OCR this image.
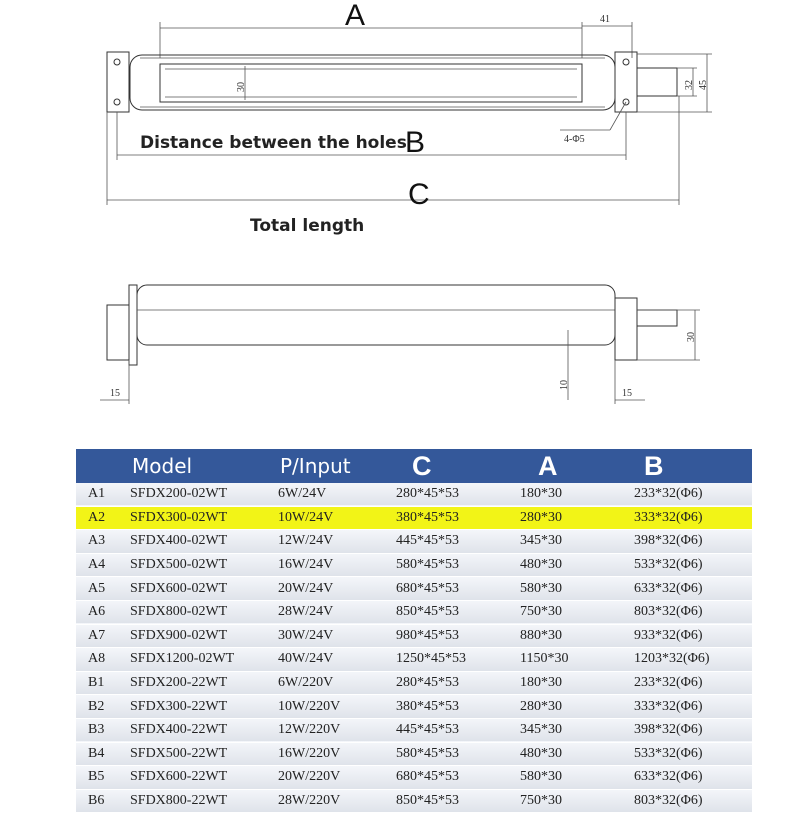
A	41
30	32 45
4-Φ5
Distance between the holes
B
C
Total length
30
10
15	15
	Model	P/Input	C	A	B
A1	SFDX200-02WT	6W/24V	280*45*53	180*30	233*32(Φ6)
A2	SFDX300-02WT	10W/24V	380*45*53	280*30	333*32(Φ6)
A3	SFDX400-02WT	12W/24V	445*45*53	345*30	398*32(Φ6)
A4	SFDX500-02WT	16W/24V	580*45*53	480*30	533*32(Φ6)
A5	SFDX600-02WT	20W/24V	680*45*53	580*30	633*32(Φ6)
A6	SFDX800-02WT	28W/24V	850*45*53	750*30	803*32(Φ6)
A7	SFDX900-02WT	30W/24V	980*45*53	880*30	933*32(Φ6)
A8	SFDX1200-02WT	40W/24V	1250*45*53	1150*30	1203*32(Φ6)
B1	SFDX200-22WT	6W/220V	280*45*53	180*30	233*32(Φ6)
B2	SFDX300-22WT	10W/220V	380*45*53	280*30	333*32(Φ6)
B3	SFDX400-22WT	12W/220V	445*45*53	345*30	398*32(Φ6)
B4	SFDX500-22WT	16W/220V	580*45*53	480*30	533*32(Φ6)
B5	SFDX600-22WT	20W/220V	680*45*53	580*30	633*32(Φ6)
B6	SFDX800-22WT	28W/220V	850*45*53	750*30	803*32(Φ6)
